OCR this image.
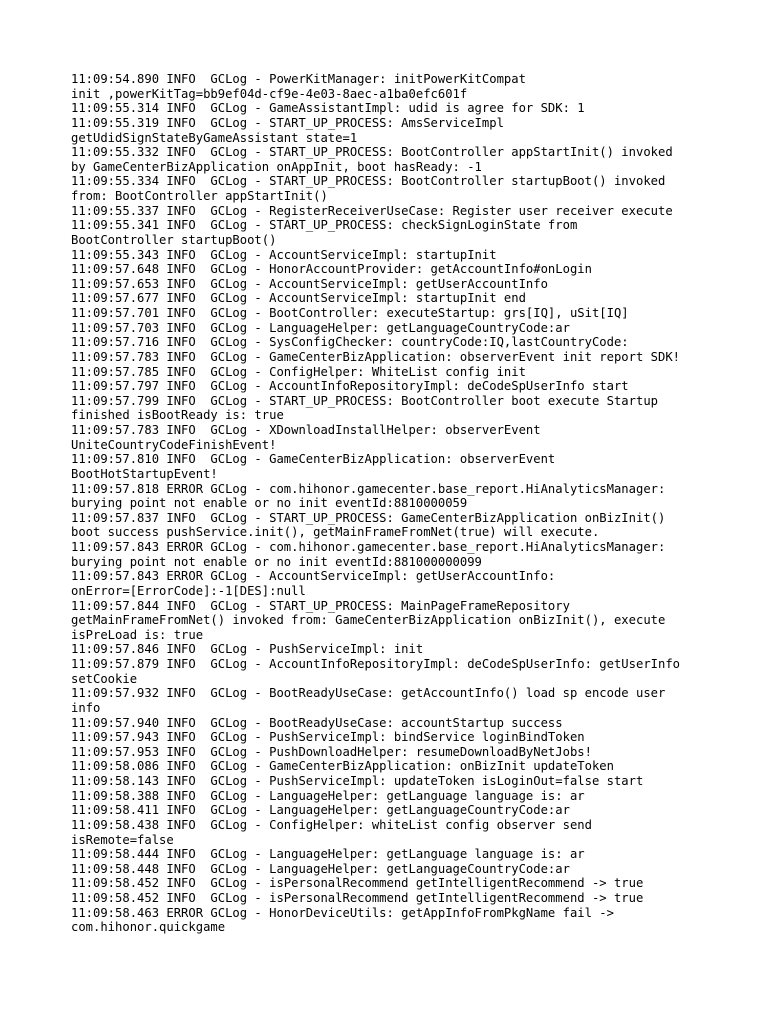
11:09:54.890 INFO  GCLog - PowerKitManager: initPowerKitCompat
init ,powerKitTag=bb9ef04d-cf9e-4e03-8aec-a1ba0efc601f
11:09:55.314 INFO  GCLog - GameAssistantImpl: udid is agree for SDK: 1
11:09:55.319 INFO  GCLog - START_UP_PROCESS: AmsServiceImpl
getUdidSignStateByGameAssistant state=1
11:09:55.332 INFO  GCLog - START_UP_PROCESS: BootController appStartInit() invoked
by GameCenterBizApplication onAppInit, boot hasReady: -1
11:09:55.334 INFO  GCLog - START_UP_PROCESS: BootController startupBoot() invoked
from: BootController appStartInit()
11:09:55.337 INFO  GCLog - RegisterReceiverUseCase: Register user receiver execute
11:09:55.341 INFO  GCLog - START_UP_PROCESS: checkSignLoginState from
BootController startupBoot()
11:09:55.343 INFO  GCLog - AccountServiceImpl: startupInit
11:09:57.648 INFO  GCLog - HonorAccountProvider: getAccountInfo#onLogin
11:09:57.653 INFO  GCLog - AccountServiceImpl: getUserAccountInfo
11:09:57.677 INFO  GCLog - AccountServiceImpl: startupInit end
11:09:57.701 INFO  GCLog - BootController: executeStartup: grs[IQ], uSit[IQ]
11:09:57.703 INFO  GCLog - LanguageHelper: getLanguageCountryCode:ar
11:09:57.716 INFO  GCLog - SysConfigChecker: countryCode:IQ,lastCountryCode:
11:09:57.783 INFO  GCLog - GameCenterBizApplication: observerEvent init report SDK!
11:09:57.785 INFO  GCLog - ConfigHelper: WhiteList config init
11:09:57.797 INFO  GCLog - AccountInfoRepositoryImpl: deCodeSpUserInfo start
11:09:57.799 INFO  GCLog - START_UP_PROCESS: BootController boot execute Startup
finished isBootReady is: true
11:09:57.783 INFO  GCLog - XDownloadInstallHelper: observerEvent
UniteCountryCodeFinishEvent!
11:09:57.810 INFO  GCLog - GameCenterBizApplication: observerEvent
BootHotStartupEvent!
11:09:57.818 ERROR GCLog - com.hihonor.gamecenter.base_report.HiAnalyticsManager:
burying point not enable or no init eventId:8810000059
11:09:57.837 INFO  GCLog - START_UP_PROCESS: GameCenterBizApplication onBizInit()
boot success pushService.init(), getMainFrameFromNet(true) will execute.
11:09:57.843 ERROR GCLog - com.hihonor.gamecenter.base_report.HiAnalyticsManager:
burying point not enable or no init eventId:881000000099
11:09:57.843 ERROR GCLog - AccountServiceImpl: getUserAccountInfo:
onError=[ErrorCode]:-1[DES]:null
11:09:57.844 INFO  GCLog - START_UP_PROCESS: MainPageFrameRepository
getMainFrameFromNet() invoked from: GameCenterBizApplication onBizInit(), execute
isPreLoad is: true
11:09:57.846 INFO  GCLog - PushServiceImpl: init
11:09:57.879 INFO  GCLog - AccountInfoRepositoryImpl: deCodeSpUserInfo: getUserInfo
setCookie
11:09:57.932 INFO  GCLog - BootReadyUseCase: getAccountInfo() load sp encode user
info
11:09:57.940 INFO  GCLog - BootReadyUseCase: accountStartup success
11:09:57.943 INFO  GCLog - PushServiceImpl: bindService loginBindToken
11:09:57.953 INFO  GCLog - PushDownloadHelper: resumeDownloadByNetJobs!
11:09:58.086 INFO  GCLog - GameCenterBizApplication: onBizInit updateToken
11:09:58.143 INFO  GCLog - PushServiceImpl: updateToken isLoginOut=false start
11:09:58.388 INFO  GCLog - LanguageHelper: getLanguage language is: ar
11:09:58.411 INFO  GCLog - LanguageHelper: getLanguageCountryCode:ar
11:09:58.438 INFO  GCLog - ConfigHelper: whiteList config observer send
isRemote=false
11:09:58.444 INFO  GCLog - LanguageHelper: getLanguage language is: ar
11:09:58.448 INFO  GCLog - LanguageHelper: getLanguageCountryCode:ar
11:09:58.452 INFO  GCLog - isPersonalRecommend getIntelligentRecommend -> true
11:09:58.452 INFO  GCLog - isPersonalRecommend getIntelligentRecommend -> true
11:09:58.463 ERROR GCLog - HonorDeviceUtils: getAppInfoFromPkgName fail ->
com.hihonor.quickgame
